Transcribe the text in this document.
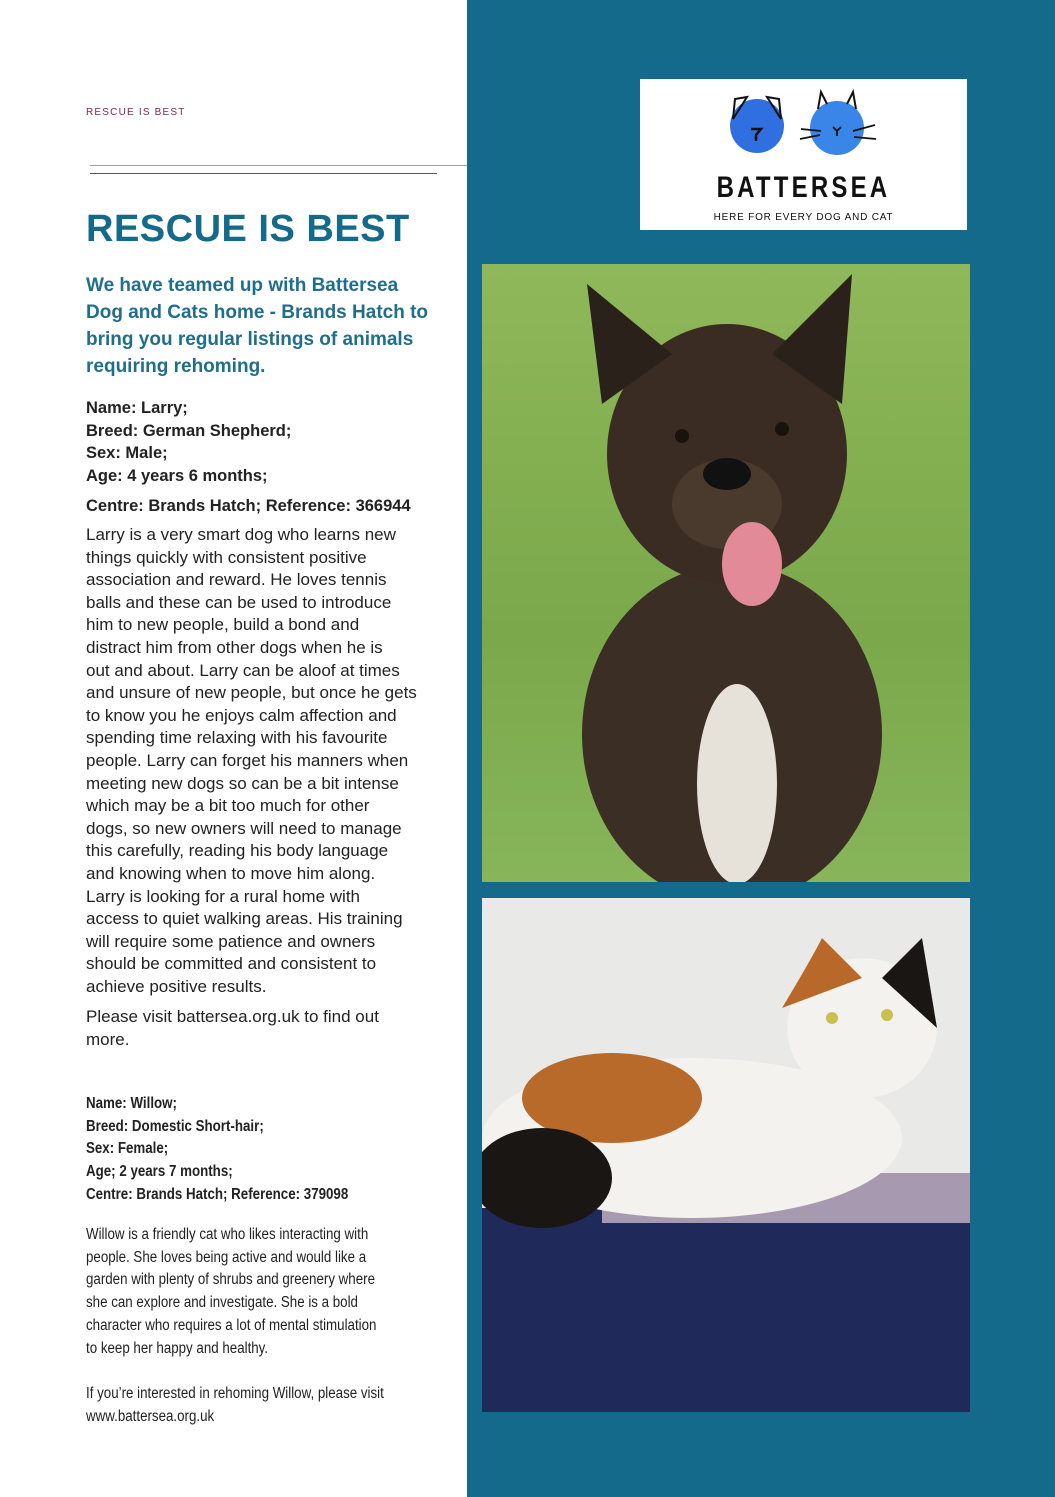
RESCUE IS BEST
RESCUE IS BEST
We have teamed up with Battersea
Dog and Cats home - Brands Hatch to
bring you regular listings of animals
requiring rehoming.
Name: Larry;
Breed: German Shepherd;
Sex: Male;
Age: 4 years 6 months;
Centre: Brands Hatch; Reference: 366944
Larry is a very smart dog who learns new
things quickly with consistent positive
association and reward. He loves tennis
balls and these can be used to introduce
him to new people, build a bond and
distract him from other dogs when he is
out and about. Larry can be aloof at times
and unsure of new people, but once he gets
to know you he enjoys calm affection and
spending time relaxing with his favourite
people. Larry can forget his manners when
meeting new dogs so can be a bit intense
which may be a bit too much for other
dogs, so new owners will need to manage
this carefully, reading his body language
and knowing when to move him along.
Larry is looking for a rural home with
access to quiet walking areas. His training
will require some patience and owners
should be committed and consistent to
achieve positive results.
Please visit battersea.org.uk to find out
more.
Name: Willow;
Breed: Domestic Short-hair;
Sex: Female;
Age; 2 years 7 months;
Centre: Brands Hatch; Reference: 379098
Willow is a friendly cat who likes interacting with
people. She loves being active and would like a
garden with plenty of shrubs and greenery where
she can explore and investigate. She is a bold
character who requires a lot of mental stimulation
to keep her happy and healthy.
If you’re interested in rehoming Willow, please visit
www.battersea.org.uk
BATTERSEA
HERE FOR EVERY DOG AND CAT
